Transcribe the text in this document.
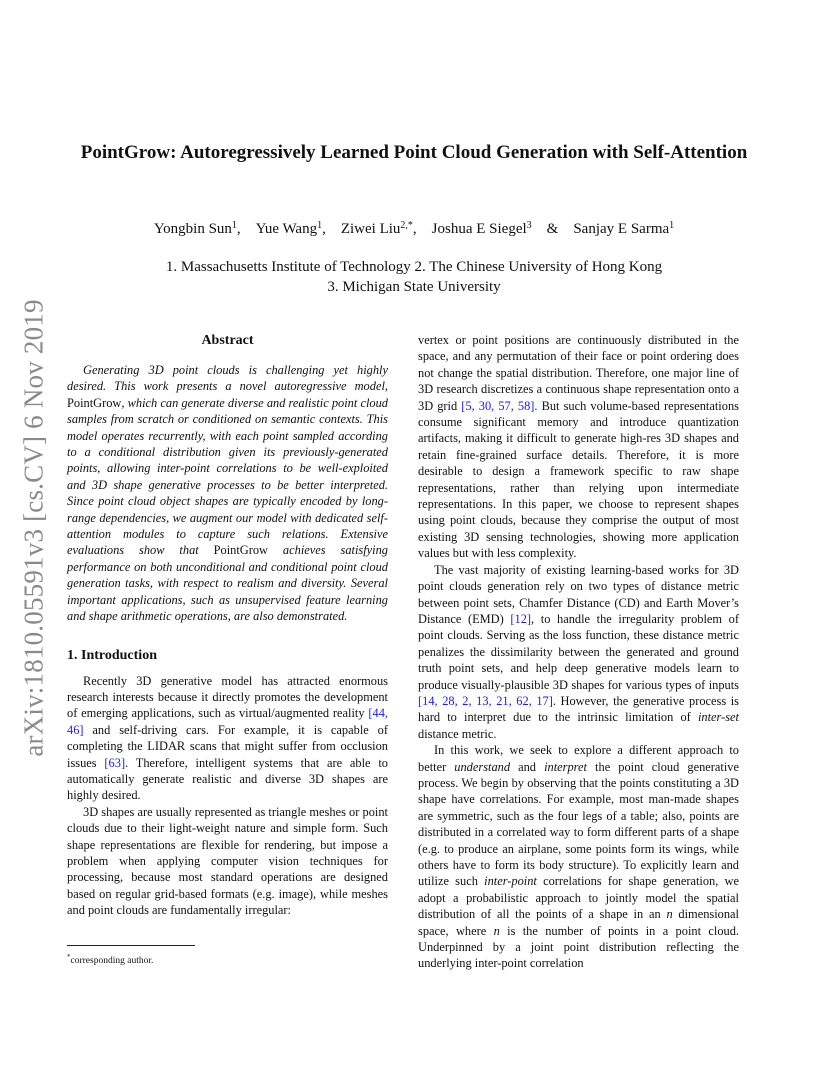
arXiv:1810.05591v3 [cs.CV] 6 Nov 2019
PointGrow: Autoregressively Learned Point Cloud Generation with Self-Attention
Yongbin Sun$^1$, Yue Wang$^1$, Ziwei Liu$^{2,*}$, Joshua E Siegel$^3$  &  Sanjay E Sarma$^1$
1. Massachusetts Institute of Technology 2. The Chinese University of Hong Kong
3. Michigan State University
Abstract

Generating 3D point clouds is challenging yet highly desired. This work presents a novel autoregressive model, PointGrow, which can generate diverse and realistic point cloud samples from scratch or conditioned on semantic contexts. This model operates recurrently, with each point sampled according to a conditional distribution given its previously-generated points, allowing inter-point correlations to be well-exploited and 3D shape generative processes to be better interpreted. Since point cloud object shapes are typically encoded by long-range dependencies, we augment our model with dedicated self-attention modules to capture such relations. Extensive evaluations show that PointGrow achieves satisfying performance on both unconditional and conditional point cloud generation tasks, with respect to realism and diversity. Several important applications, such as unsupervised feature learning and shape arithmetic operations, are also demonstrated.

1. Introduction

Recently 3D generative model has attracted enormous research interests because it directly promotes the development of emerging applications, such as virtual/augmented reality [44, 46] and self-driving cars. For example, it is capable of completing the LIDAR scans that might suffer from occlusion issues [63]. Therefore, intelligent systems that are able to automatically generate realistic and diverse 3D shapes are highly desired.

3D shapes are usually represented as triangle meshes or point clouds due to their light-weight nature and simple form. Such shape representations are flexible for rendering, but impose a problem when applying computer vision techniques for processing, because most standard operations are designed based on regular grid-based formats (e.g. image), while meshes and point clouds are fundamentally irregular:

vertex or point positions are continuously distributed in the space, and any permutation of their face or point ordering does not change the spatial distribution. Therefore, one major line of 3D research discretizes a continuous shape representation onto a 3D grid [5, 30, 57, 58]. But such volume-based representations consume significant memory and introduce quantization artifacts, making it difficult to generate high-res 3D shapes and retain fine-grained surface details. Therefore, it is more desirable to design a framework specific to raw shape representations, rather than relying upon intermediate representations. In this paper, we choose to represent shapes using point clouds, because they comprise the output of most existing 3D sensing technologies, showing more application values but with less complexity.

The vast majority of existing learning-based works for 3D point clouds generation rely on two types of distance metric between point sets, Chamfer Distance (CD) and Earth Mover’s Distance (EMD) [12], to handle the irregularity problem of point clouds. Serving as the loss function, these distance metric penalizes the dissimilarity between the generated and ground truth point sets, and help deep generative models learn to produce visually-plausible 3D shapes for various types of inputs [14, 28, 2, 13, 21, 62, 17]. However, the generative process is hard to interpret due to the intrinsic limitation of inter-set distance metric.

In this work, we seek to explore a different approach to better understand and interpret the point cloud generative process. We begin by observing that the points constituting a 3D shape have correlations. For example, most man-made shapes are symmetric, such as the four legs of a table; also, points are distributed in a correlated way to form different parts of a shape (e.g. to produce an airplane, some points form its wings, while others have to form its body structure). To explicitly learn and utilize such inter-point correlations for shape generation, we adopt a probabilistic approach to jointly model the spatial distribution of all the points of a shape in an n dimensional space, where n is the number of points in a point cloud. Underpinned by a joint point distribution reflecting the underlying inter-point correlation

*corresponding author.
